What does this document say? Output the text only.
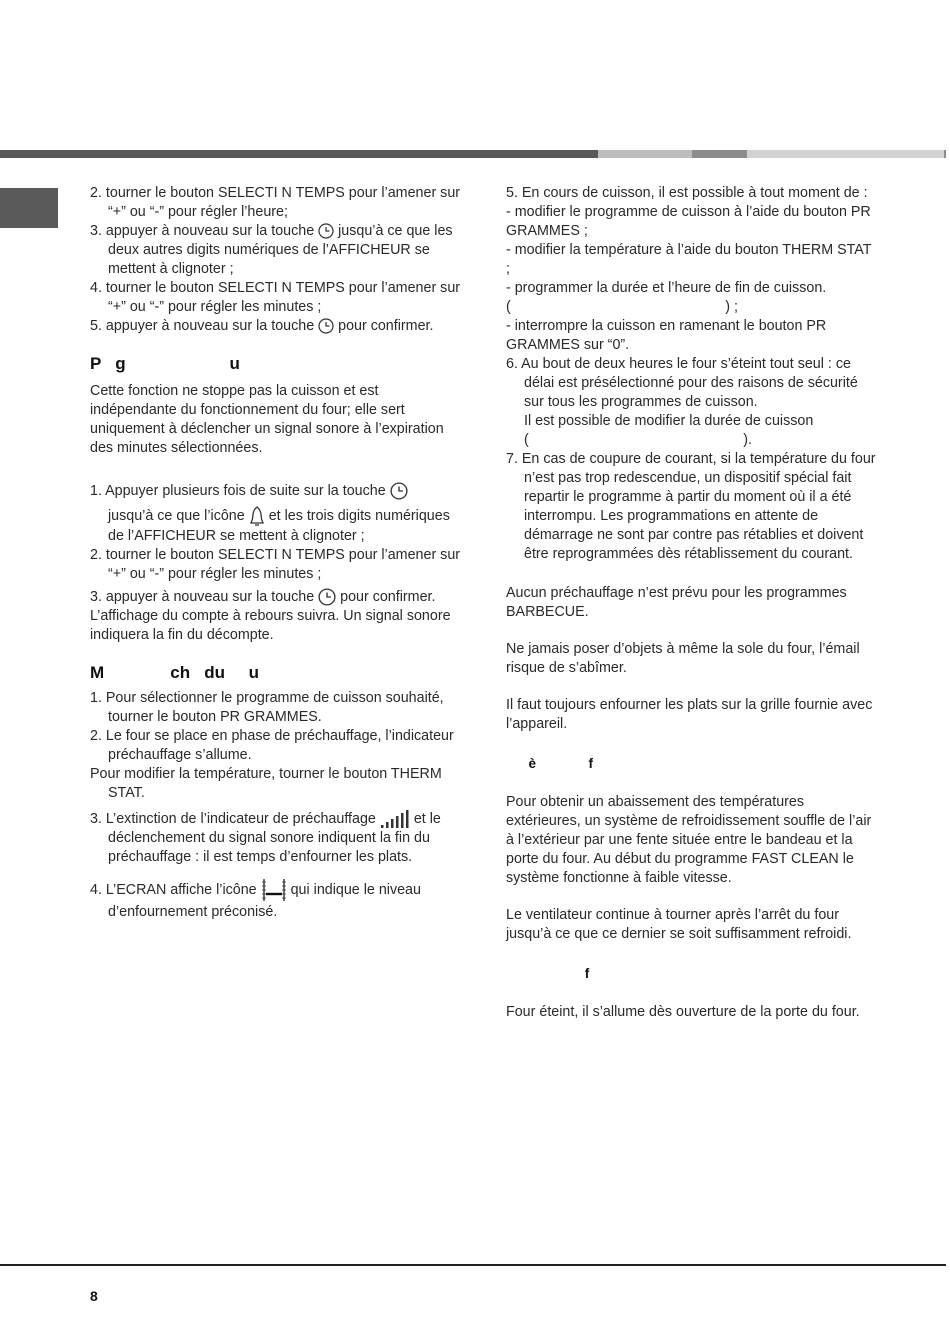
2. tourner le bouton SELECTI N TEMPS pour l’amener sur “+” ou “-” pour régler l’heure;

3. appuyer à nouveau sur la touche jusqu’à ce que les deux autres digits numériques de l’AFFICHEUR se mettent à clignoter ;

4. tourner le bouton SELECTI N TEMPS pour l’amener sur “+” ou “-” pour régler les minutes ;

5. appuyer à nouveau sur la touche pour confirmer.

P   g                      u

Cette fonction ne stoppe pas la cuisson et est indépendante du fonctionnement du four; elle sert uniquement à déclencher un signal sonore à l’expiration des minutes sélectionnées.

1. Appuyer plusieurs fois de suite sur la touche

jusqu’à ce que l’icône et les trois digits numériques de l’AFFICHEUR se mettent à clignoter ;

2. tourner le bouton SELECTI N TEMPS pour l’amener sur “+” ou “-” pour régler les minutes ;

3. appuyer à nouveau sur la touche pour confirmer.

L’affichage du compte à rebours suivra. Un signal sonore indiquera la fin du décompte.

M              ch   du     u

1. Pour sélectionner le programme de cuisson souhaité, tourner le bouton PR GRAMMES.

2. Le four se place en phase de préchauffage, l’indicateur préchauffage s’allume.

Pour modifier la température, tourner le bouton THERM STAT.

3. L’extinction de l’indicateur de préchauffage	et le déclenchement du signal sonore indiquent la fin du préchauffage : il est temps d’enfourner les plats.

4. L’ECRAN affiche l’icône qui indique le niveau d’enfournement préconisé.

5. En cours de cuisson, il est possible à tout moment de :

- modifier le programme de cuisson à l’aide du bouton PR GRAMMES ;

- modifier la température à l’aide du bouton THERM STAT ;

- programmer la durée et l’heure de fin de cuisson.

(                                                      ) ;

- interrompre la cuisson en ramenant le bouton PR GRAMMES sur “0”.

6. Au bout de deux heures le four s’éteint tout seul : ce délai est présélectionné pour des raisons de sécurité sur tous les programmes de cuisson.

Il est possible de modifier la durée de cuisson

(                                                      ).

7. En cas de coupure de courant, si la température du four n’est pas trop redescendue, un dispositif spécial fait repartir le programme à partir du moment où il a été interrompu. Les programmations en attente de démarrage ne sont par contre pas rétablies et doivent être reprogrammées dès rétablissement du courant.

Aucun préchauffage n’est prévu pour les programmes BARBECUE.

Ne jamais poser d’objets à même la sole du four, l’émail risque de s’abîmer.

Il faut toujours enfourner les plats sur la grille fournie avec l’appareil.

è              f

Pour obtenir un abaissement des températures extérieures, un système de refroidissement souffle de l’air à l’extérieur par une fente située entre le bandeau et la porte du four. Au début du programme FAST CLEAN le système fonctionne à faible vitesse.

Le ventilateur continue à tourner après l’arrêt du four jusqu’à ce que ce dernier se soit suffisamment refroidi.

f

Four éteint, il s’allume dès ouverture de la porte du four.

8
